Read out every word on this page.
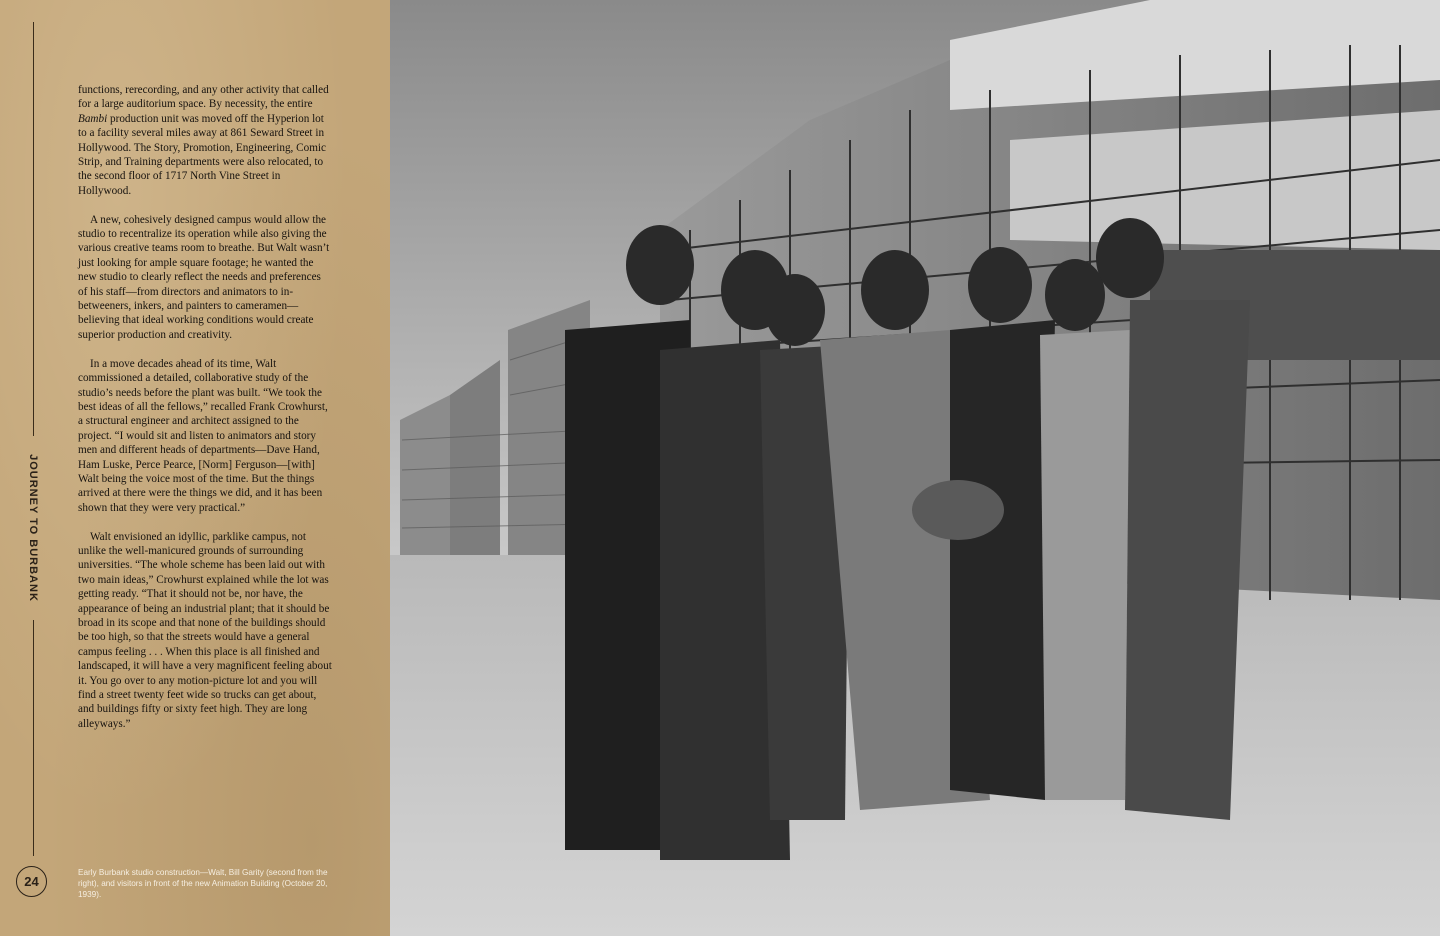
JOURNEY TO BURBANK

functions, rerecording, and any other activity that called for a large auditorium space. By necessity, the entire Bambi production unit was moved off the Hyperion lot to a facility several miles away at 861 Seward Street in Hollywood. The Story, Promotion, Engineering, Comic Strip, and Training departments were also relocated, to the second floor of 1717 North Vine Street in Hollywood.

A new, cohesively designed campus would allow the studio to recentralize its operation while also giving the various creative teams room to breathe. But Walt wasn’t just looking for ample square footage; he wanted the new studio to clearly reflect the needs and preferences of his staff—from directors and animators to in-betweeners, inkers, and painters to cameramen—believing that ideal working conditions would create superior production and creativity.

In a move decades ahead of its time, Walt commissioned a detailed, collaborative study of the studio’s needs before the plant was built. “We took the best ideas of all the fellows,” recalled Frank Crowhurst, a structural engineer and architect assigned to the project. “I would sit and listen to animators and story men and different heads of departments—Dave Hand, Ham Luske, Perce Pearce, [Norm] Ferguson—[with] Walt being the voice most of the time. But the things arrived at there were the things we did, and it has been shown that they were very practical.”

Walt envisioned an idyllic, parklike campus, not unlike the well-manicured grounds of surrounding universities. “The whole scheme has been laid out with two main ideas,” Crowhurst explained while the lot was getting ready. “That it should not be, nor have, the appearance of being an industrial plant; that it should be broad in its scope and that none of the buildings should be too high, so that the streets would have a general campus feeling . . . When this place is all finished and landscaped, it will have a very magnificent feeling about it. You go over to any motion-picture lot and you will find a street twenty feet wide so trucks can get about, and buildings fifty or sixty feet high. They are long alleyways.”

24
Early Burbank studio construction—Walt, Bill Garity (second from the right), and visitors in front of the new Animation Building (October 20, 1939).
